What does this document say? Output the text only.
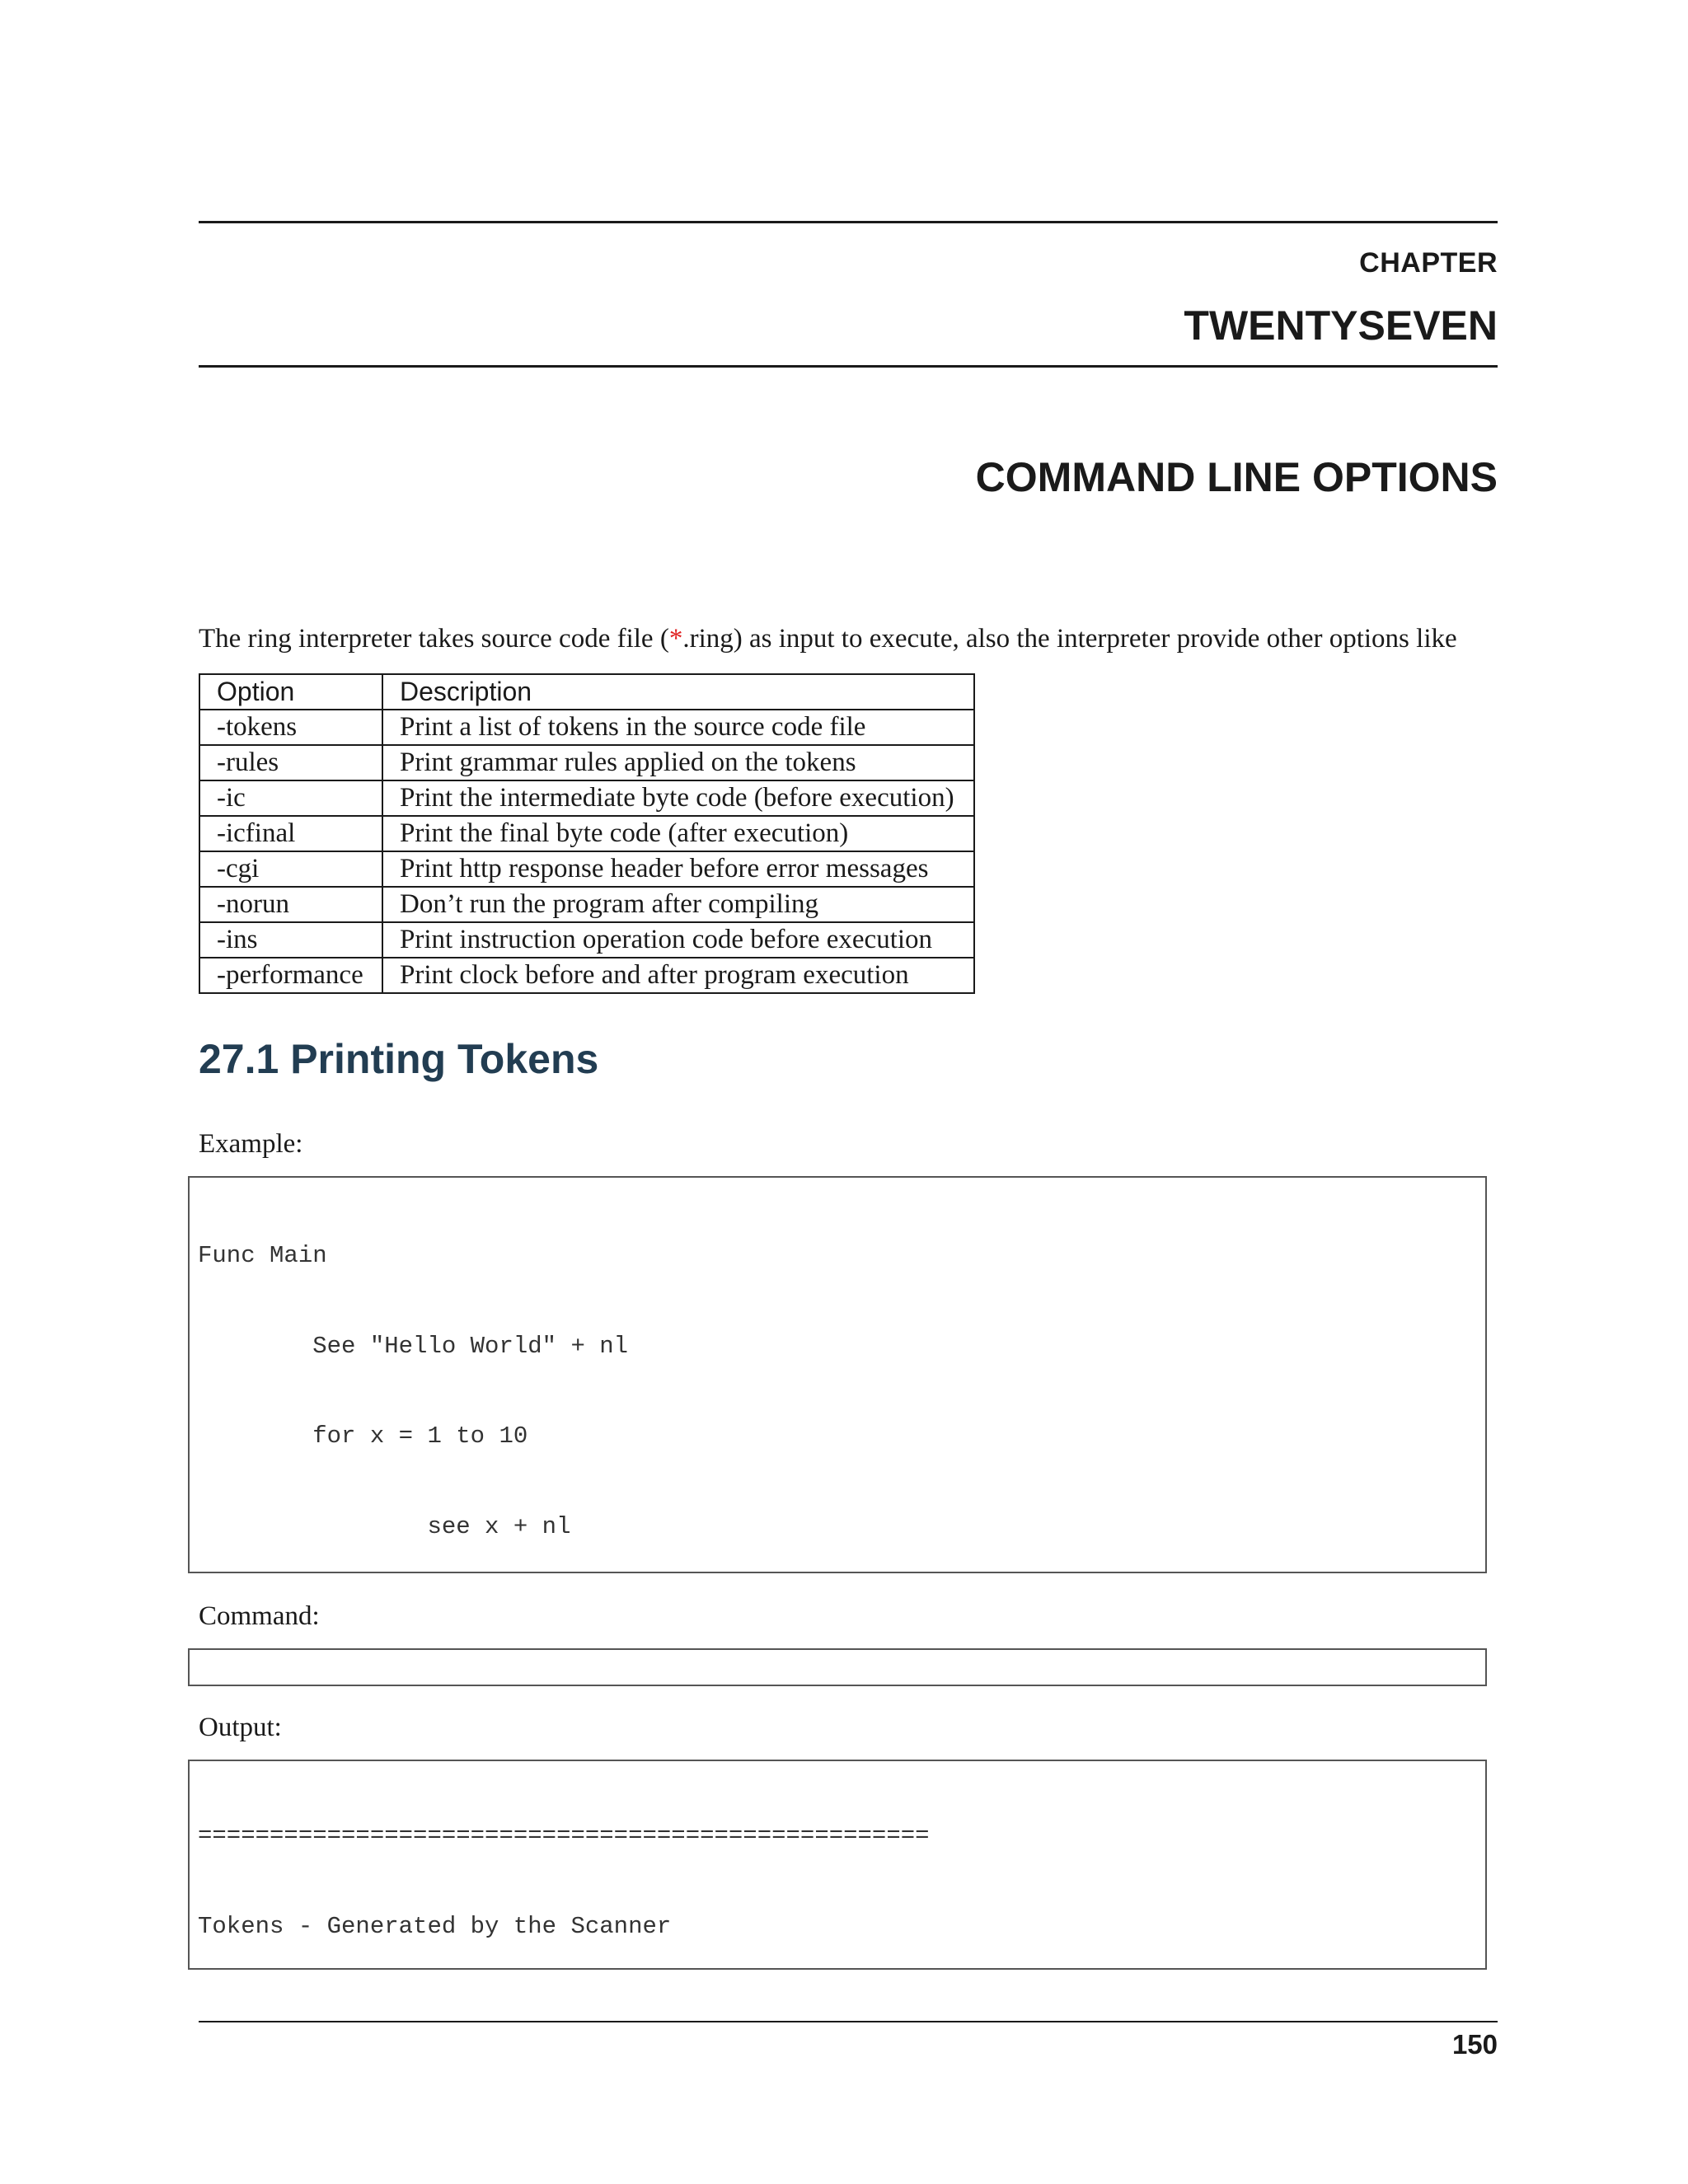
CHAPTER
TWENTYSEVEN
COMMAND LINE OPTIONS
The ring interpreter takes source code file (*.ring) as input to execute, also the interpreter provide other options like
Option	Description
-tokens	Print a list of tokens in the source code file
-rules	Print grammar rules applied on the tokens
-ic	Print the intermediate byte code (before execution)
-icfinal	Print the final byte code (after execution)
-cgi	Print http response header before error messages
-norun	Don’t run the program after compiling
-ins	Print instruction operation code before execution
-performance	Print clock before and after program execution
27.1 Printing Tokens
Example:

Func Main

See "Hello World" + nl

for x = 1 to 10

see x + nl

Command:

Output:

===================================================

Tokens - Generated by the Scanner

150
